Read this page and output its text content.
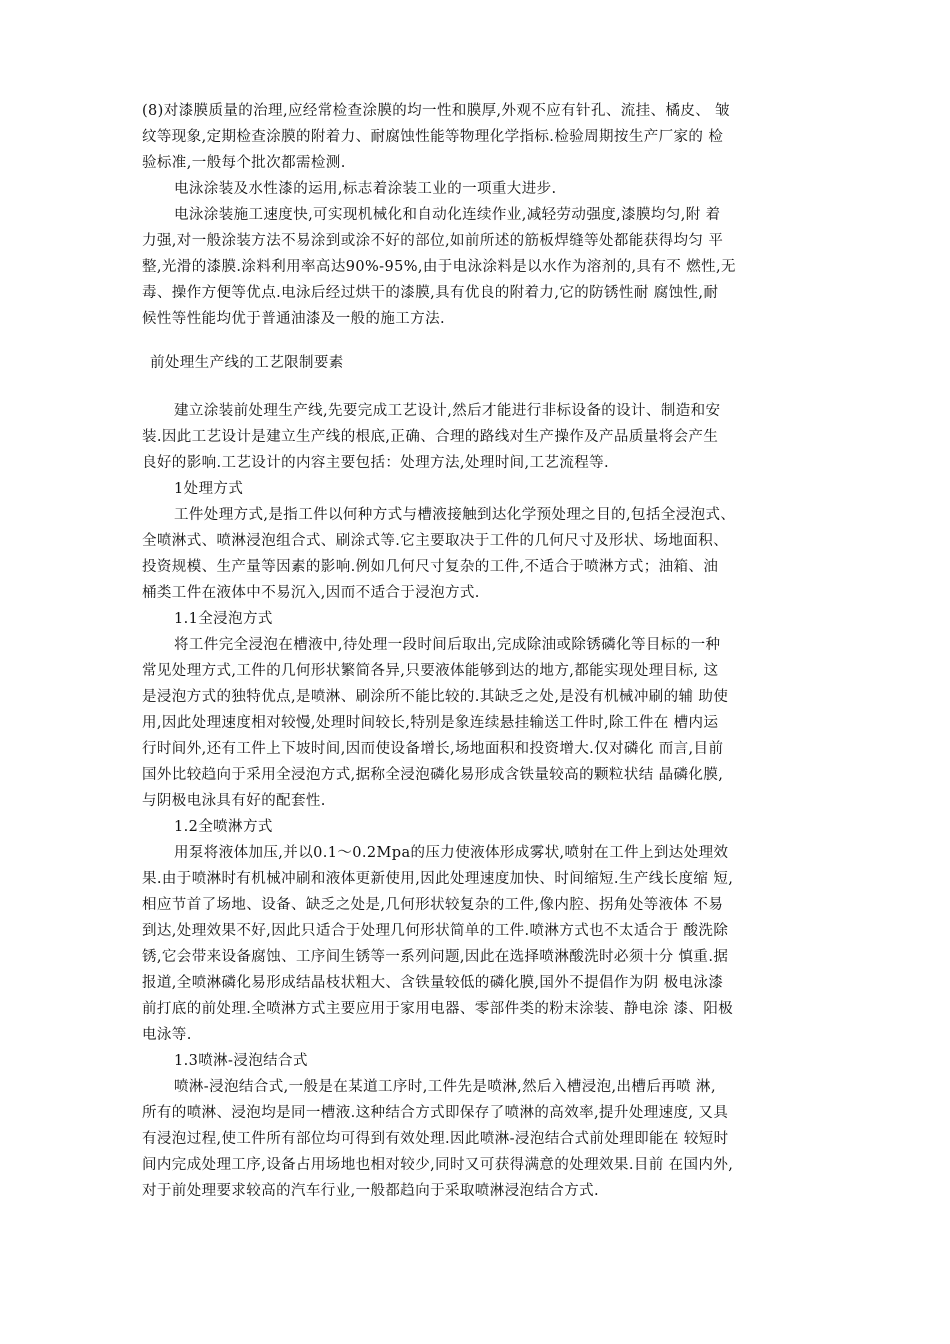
(8)对漆膜质量的治理,应经常检查涂膜的均一性和膜厚,外观不应有针孔、流挂、橘皮、 皱

纹等现象,定期检查涂膜的附着力、耐腐蚀性能等物理化学指标.检验周期按生产厂家的 检

验标准,一般每个批次都需检测.

电泳涂装及水性漆的运用,标志着涂装工业的一项重大进步.

电泳涂装施工速度快,可实现机械化和自动化连续作业,减轻劳动强度,漆膜均匀,附 着

力强,对一般涂装方法不易涂到或涂不好的部位,如前所述的筋板焊缝等处都能获得均匀 平

整,光滑的漆膜.涂料利用率高达90%-95%,由于电泳涂料是以水作为溶剂的,具有不 燃性,无

毒、操作方便等优点.电泳后经过烘干的漆膜,具有优良的附着力,它的防锈性耐 腐蚀性,耐

候性等性能均优于普通油漆及一般的施工方法.

前处理生产线的工艺限制要素

建立涂装前处理生产线,先要完成工艺设计,然后才能进行非标设备的设计、制造和安

装.因此工艺设计是建立生产线的根底,正确、合理的路线对生产操作及产品质量将会产生

良好的影响.工艺设计的内容主要包括：处理方法,处理时间,工艺流程等.

1处理方式

工件处理方式,是指工件以何种方式与槽液接触到达化学预处理之目的,包括全浸泡式、

全喷淋式、喷淋浸泡组合式、刷涂式等.它主要取决于工件的几何尺寸及形状、场地面积、

投资规模、生产量等因素的影响.例如几何尺寸复杂的工件,不适合于喷淋方式；油箱、油

桶类工件在液体中不易沉入,因而不适合于浸泡方式.

1.1全浸泡方式

将工件完全浸泡在槽液中,待处理一段时间后取出,完成除油或除锈磷化等目标的一种

常见处理方式,工件的几何形状繁简各异,只要液体能够到达的地方,都能实现处理目标, 这

是浸泡方式的独特优点,是喷淋、刷涂所不能比较的.其缺乏之处,是没有机械冲刷的辅 助使

用,因此处理速度相对较慢,处理时间较长,特别是象连续悬挂输送工件时,除工件在 槽内运

行时间外,还有工件上下坡时间,因而使设备增长,场地面积和投资增大.仅对磷化 而言,目前

国外比较趋向于采用全浸泡方式,据称全浸泡磷化易形成含铁量较高的颗粒状结 晶磷化膜,

与阴极电泳具有好的配套性.

1.2全喷淋方式

用泵将液体加压,并以0.1〜0.2Mpa的压力使液体形成雾状,喷射在工件上到达处理效

果.由于喷淋时有机械冲刷和液体更新使用,因此处理速度加快、时间缩短.生产线长度缩 短,

相应节首了场地、设备、缺乏之处是,几何形状较复杂的工件,像内腔、拐角处等液体 不易

到达,处理效果不好,因此只适合于处理几何形状简单的工件.喷淋方式也不太适合于 酸洗除

锈,它会带来设备腐蚀、工序间生锈等一系列问题,因此在选择喷淋酸洗时必须十分 慎重.据

报道,全喷淋磷化易形成结晶枝状粗大、含铁量较低的磷化膜,国外不提倡作为阴 极电泳漆

前打底的前处理.全喷淋方式主要应用于家用电器、零部件类的粉末涂装、静电涂 漆、阳极

电泳等.

1.3喷淋-浸泡结合式

喷淋-浸泡结合式,一般是在某道工序时,工件先是喷淋,然后入槽浸泡,出槽后再喷 淋,

所有的喷淋、浸泡均是同一槽液.这种结合方式即保存了喷淋的高效率,提升处理速度, 又具

有浸泡过程,使工件所有部位均可得到有效处理.因此喷淋-浸泡结合式前处理即能在 较短时

间内完成处理工序,设备占用场地也相对较少,同时又可获得满意的处理效果.目前 在国内外,

对于前处理要求较高的汽车行业,一般都趋向于采取喷淋浸泡结合方式.
